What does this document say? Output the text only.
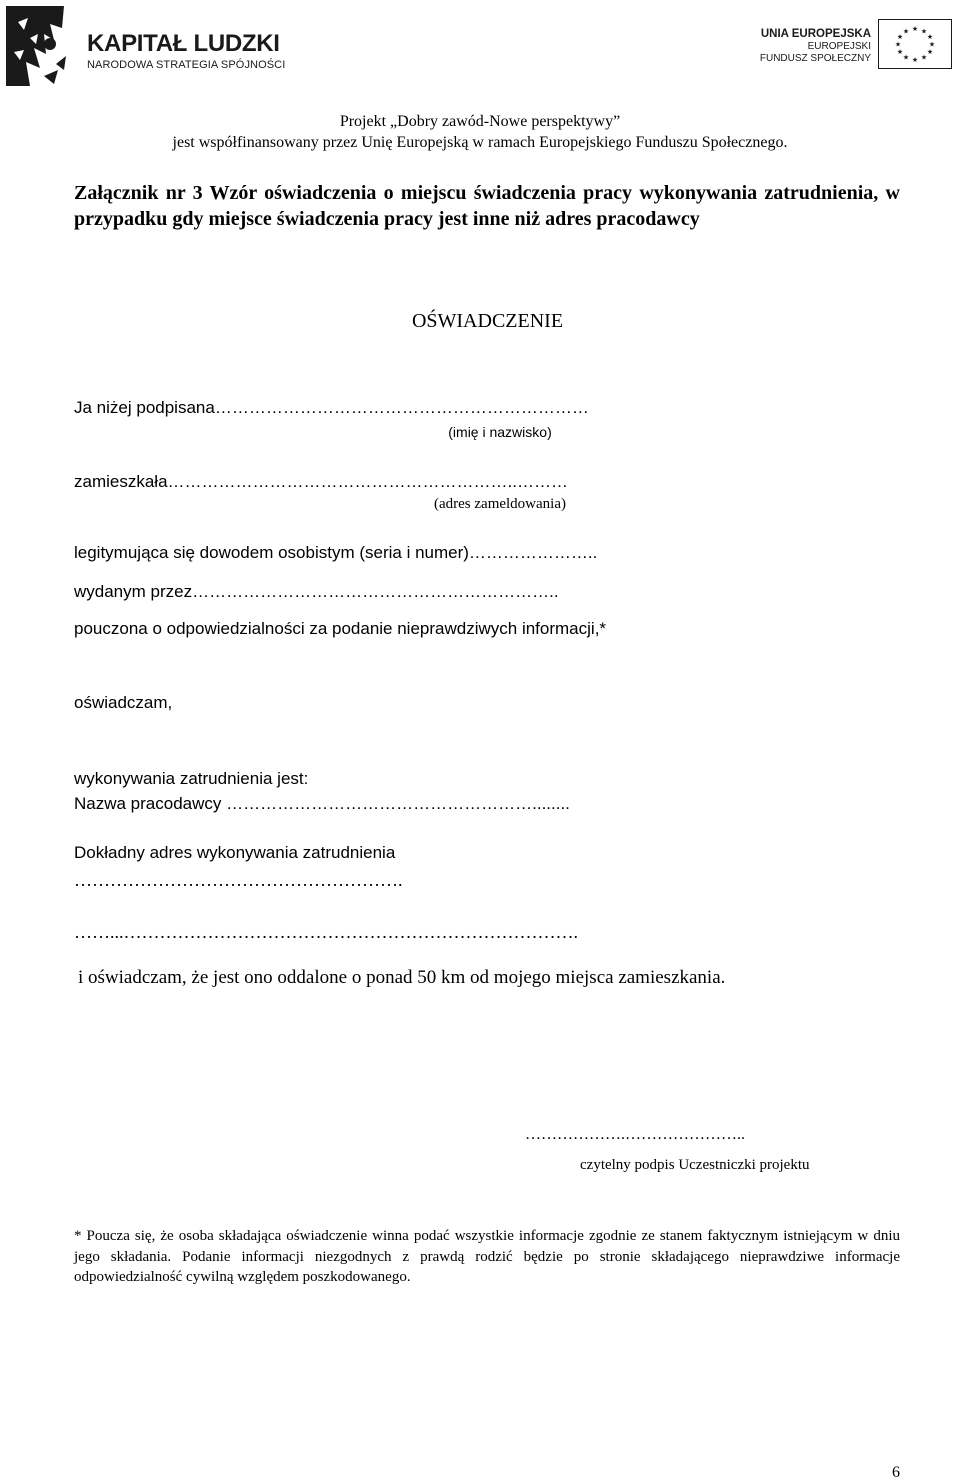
KAPITAŁ LUDZKI
NARODOWA STRATEGIA SPÓJNOŚCI
UNIA EUROPEJSKA
EUROPEJSKI
FUNDUSZ SPOŁECZNY
★ ★
★
★
★
★
★
★
★
★
★
★
Projekt „Dobry zawód-Nowe perspektywy”
jest współfinansowany przez Unię Europejską w ramach Europejskiego Funduszu Społecznego.
Załącznik nr 3 Wzór oświadczenia o miejscu świadczenia pracy wykonywania zatrudnienia, w przypadku gdy miejsce świadczenia pracy jest inne niż adres pracodawcy
OŚWIADCZENIE
Ja niżej podpisana…………………………………………………………
(imię i nazwisko)
zamieszkała……………………………………………………..………
(adres zameldowania)
legitymująca się dowodem osobistym (seria i numer)…………………..
wydanym przez………………………………………………………..
pouczona o odpowiedzialności za podanie nieprawdziwych informacji,*
oświadczam,
wykonywania zatrudnienia jest:
Nazwa pracodawcy ………………………………………………........
Dokładny adres wykonywania zatrudnienia
……………………………………………….
……...………………………………………………………………….
i oświadczam, że jest ono oddalone o ponad 50 km od mojego miejsca zamieszkania.
……………….…………………..
czytelny podpis Uczestniczki projektu
* Poucza się, że osoba składająca oświadczenie winna podać wszystkie informacje zgodnie ze stanem faktycznym istniejącym w dniu jego składania. Podanie informacji niezgodnych z prawdą rodzić będzie po stronie składającego nieprawdziwe informacje odpowiedzialność cywilną względem poszkodowanego.
6
